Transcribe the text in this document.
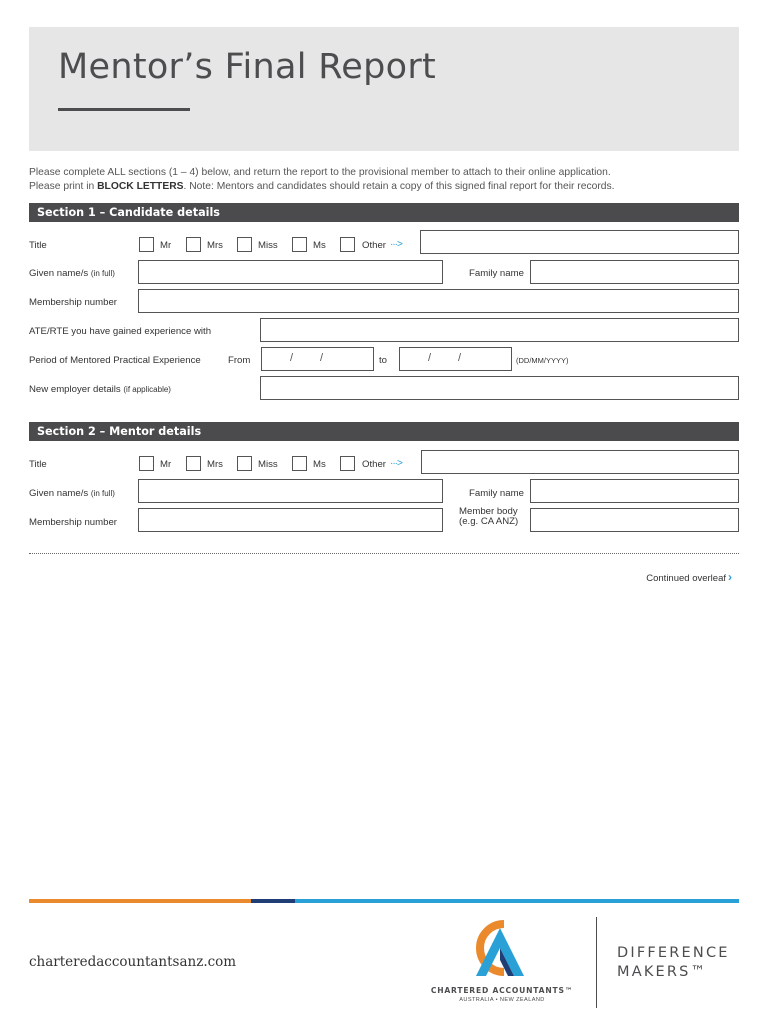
Mentor’s Final Report
Please complete ALL sections (1 – 4) below, and return the report to the provisional member to attach to their online application.
Please print in BLOCK LETTERS. Note: Mentors and candidates should retain a copy of this signed final report for their records.
Section 1 – Candidate details
Title	Mr	Mrs	Miss	Ms	Other ···>
Given name/s (in full)	Family name
Membership number
ATE/RTE you have gained experience with
Period of Mentored Practical Experience	From	/ /	to	/ /	(DD/MM/YYYY)
New employer details (if applicable)
Section 2 – Mentor details
Title	Mr	Mrs	Miss	Ms	Other ···>
Given name/s (in full)	Family name
Membership number
Member body
(e.g. CA ANZ)
Continued overleaf ›
charteredaccountantsanz.com
CHARTERED ACCOUNTANTS™
AUSTRALIA • NEW ZEALAND
DIFFERENCE
MAKERS™
